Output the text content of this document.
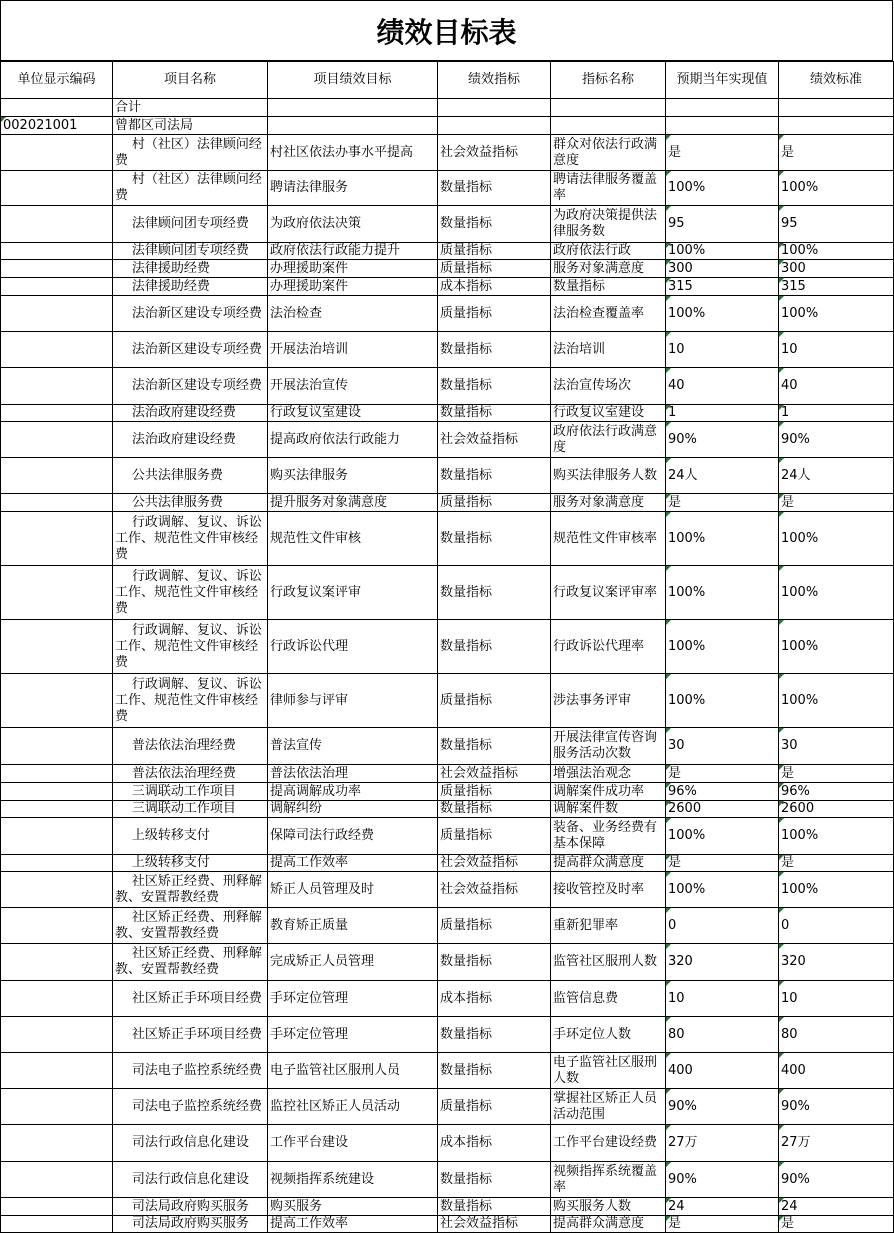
绩效目标表
单位显示编码	项目名称	项目绩效目标	绩效指标	指标名称	预期当年实现值	绩效标准
	合计					
002021001	曾都区司法局					
	村（社区）法律顾问经费	村社区依法办事水平提高	社会效益指标	群众对依法行政满意度	是	是
	村（社区）法律顾问经费	聘请法律服务	数量指标	聘请法律服务覆盖率	100%	100%
	法律顾问团专项经费	为政府依法决策	数量指标	为政府决策提供法律服务数	95	95
	法律顾问团专项经费	政府依法行政能力提升	质量指标	政府依法行政	100%	100%
	法律援助经费	办理援助案件	质量指标	服务对象满意度	300	300
	法律援助经费	办理援助案件	成本指标	数量指标	315	315
	法治新区建设专项经费	法治检查	质量指标	法治检查覆盖率	100%	100%
	法治新区建设专项经费	开展法治培训	数量指标	法治培训	10	10
	法治新区建设专项经费	开展法治宣传	数量指标	法治宣传场次	40	40
	法治政府建设经费	行政复议室建设	数量指标	行政复议室建设	1	1
	法治政府建设经费	提高政府依法行政能力	社会效益指标	政府依法行政满意度	90%	90%
	公共法律服务费	购买法律服务	数量指标	购买法律服务人数	24人	24人
	公共法律服务费	提升服务对象满意度	质量指标	服务对象满意度	是	是
	行政调解、复议、诉讼工作、规范性文件审核经费	规范性文件审核	数量指标	规范性文件审核率	100%	100%
	行政调解、复议、诉讼工作、规范性文件审核经费	行政复议案评审	数量指标	行政复议案评审率	100%	100%
	行政调解、复议、诉讼工作、规范性文件审核经费	行政诉讼代理	数量指标	行政诉讼代理率	100%	100%
	行政调解、复议、诉讼工作、规范性文件审核经费	律师参与评审	质量指标	涉法事务评审	100%	100%
	普法依法治理经费	普法宣传	数量指标	开展法律宣传咨询服务活动次数	30	30
	普法依法治理经费	普法依法治理	社会效益指标	增强法治观念	是	是
	三调联动工作项目	提高调解成功率	质量指标	调解案件成功率	96%	96%
	三调联动工作项目	调解纠纷	数量指标	调解案件数	2600	2600
	上级转移支付	保障司法行政经费	质量指标	装备、业务经费有基本保障	100%	100%
	上级转移支付	提高工作效率	社会效益指标	提高群众满意度	是	是
	社区矫正经费、刑释解教、安置帮教经费	矫正人员管理及时	社会效益指标	接收管控及时率	100%	100%
	社区矫正经费、刑释解教、安置帮教经费	教育矫正质量	质量指标	重新犯罪率	0	0
	社区矫正经费、刑释解教、安置帮教经费	完成矫正人员管理	数量指标	监管社区服刑人数	320	320
	社区矫正手环项目经费	手环定位管理	成本指标	监管信息费	10	10
	社区矫正手环项目经费	手环定位管理	数量指标	手环定位人数	80	80
	司法电子监控系统经费	电子监管社区服刑人员	数量指标	电子监管社区服刑人数	400	400
	司法电子监控系统经费	监控社区矫正人员活动	质量指标	掌握社区矫正人员活动范围	90%	90%
	司法行政信息化建设	工作平台建设	成本指标	工作平台建设经费	27万	27万
	司法行政信息化建设	视频指挥系统建设	数量指标	视频指挥系统覆盖率	90%	90%
	司法局政府购买服务	购买服务	数量指标	购买服务人数	24	24
	司法局政府购买服务	提高工作效率	社会效益指标	提高群众满意度	是	是
